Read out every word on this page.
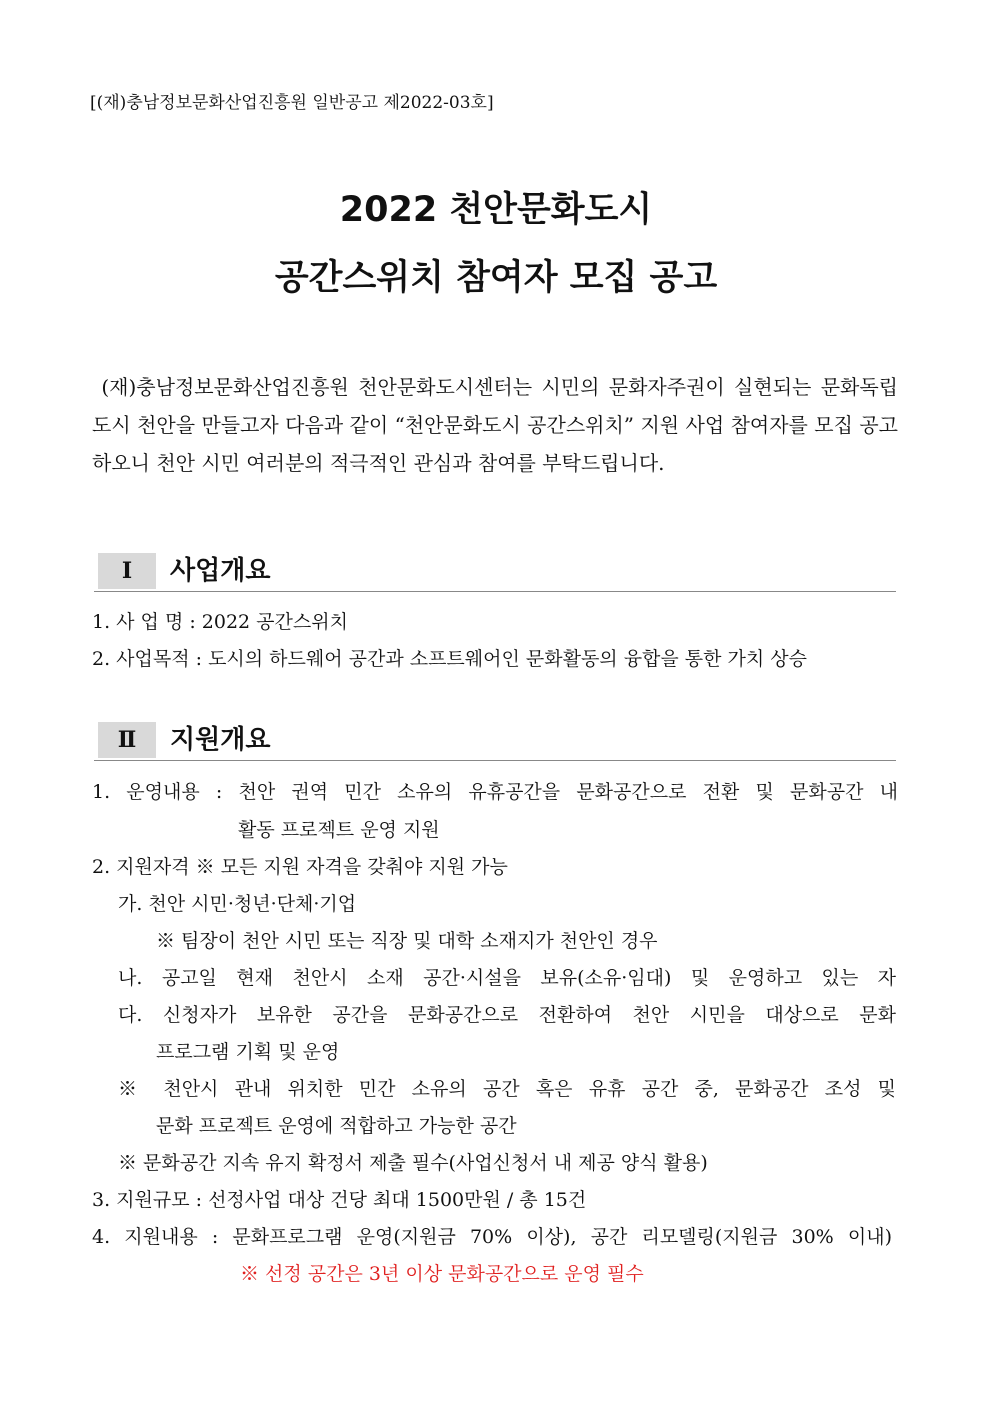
[(재)충남정보문화산업진흥원 일반공고 제2022-03호]
2022 천안문화도시
공간스위치 참여자 모집 공고
(재)충남정보문화산업진흥원 천안문화도시센터는 시민의 문화자주권이 실현되는 문화독립도시 천안을 만들고자 다음과 같이 “천안문화도시 공간스위치” 지원 사업 참여자를 모집 공고하오니 천안 시민 여러분의 적극적인 관심과 참여를 부탁드립니다.
Ⅰ	사업개요
1. 사 업 명 : 2022 공간스위치
2. 사업목적 : 도시의 하드웨어 공간과 소프트웨어인 문화활동의 융합을 통한 가치 상승
Ⅱ	지원개요
1. 운영내용 : 천안 권역 민간 소유의 유휴공간을 문화공간으로 전환 및 문화공간 내
활동 프로젝트 운영 지원
2. 지원자격 ※ 모든 지원 자격을 갖춰야 지원 가능
가. 천안 시민·청년·단체·기업
※ 팀장이 천안 시민 또는 직장 및 대학 소재지가 천안인 경우
나. 공고일 현재 천안시 소재 공간·시설을 보유(소유·임대) 및 운영하고 있는 자
다. 신청자가 보유한 공간을 문화공간으로 전환하여 천안 시민을 대상으로 문화
프로그램 기획 및 운영
※ 천안시 관내 위치한 민간 소유의 공간 혹은 유휴 공간 중, 문화공간 조성 및
문화 프로젝트 운영에 적합하고 가능한 공간
※ 문화공간 지속 유지 확정서 제출 필수(사업신청서 내 제공 양식 활용)
3. 지원규모 : 선정사업 대상 건당 최대 1500만원 / 총 15건
4. 지원내용 : 문화프로그램 운영(지원금 70% 이상), 공간 리모델링(지원금 30% 이내)
※ 선정 공간은 3년 이상 문화공간으로 운영 필수
